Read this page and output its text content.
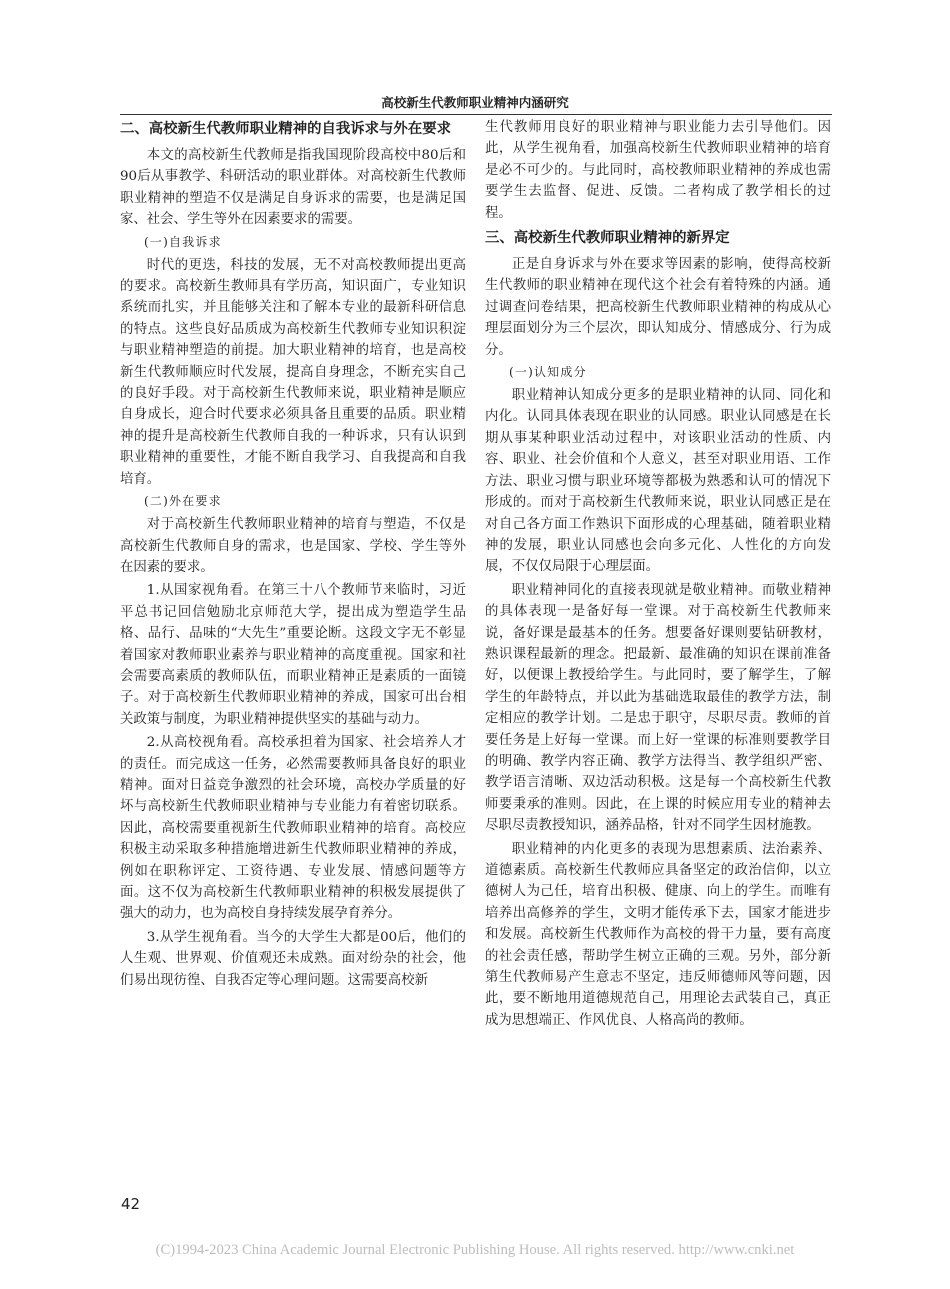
高校新生代教师职业精神内涵研究
二、高校新生代教师职业精神的自我诉求与外在要求

本文的高校新生代教师是指我国现阶段高校中80后和90后从事教学、科研活动的职业群体。对高校新生代教师职业精神的塑造不仅是满足自身诉求的需要，也是满足国家、社会、学生等外在因素要求的需要。

(一)自我诉求

时代的更迭，科技的发展，无不对高校教师提出更高的要求。高校新生教师具有学历高，知识面广，专业知识系统而扎实，并且能够关注和了解本专业的最新科研信息的特点。这些良好品质成为高校新生代教师专业知识积淀与职业精神塑造的前提。加大职业精神的培育，也是高校新生代教师顺应时代发展，提高自身理念，不断充实自己的良好手段。对于高校新生代教师来说，职业精神是顺应自身成长，迎合时代要求必须具备且重要的品质。职业精神的提升是高校新生代教师自我的一种诉求，只有认识到职业精神的重要性，才能不断自我学习、自我提高和自我培育。

(二)外在要求

对于高校新生代教师职业精神的培育与塑造，不仅是高校新生代教师自身的需求，也是国家、学校、学生等外在因素的要求。

1.从国家视角看。在第三十八个教师节来临时，习近平总书记回信勉励北京师范大学，提出成为塑造学生品格、品行、品味的“大先生”重要论断。这段文字无不彰显着国家对教师职业素养与职业精神的高度重视。国家和社会需要高素质的教师队伍，而职业精神正是素质的一面镜子。对于高校新生代教师职业精神的养成，国家可出台相关政策与制度，为职业精神提供坚实的基础与动力。

2.从高校视角看。高校承担着为国家、社会培养人才的责任。而完成这一任务，必然需要教师具备良好的职业精神。面对日益竞争激烈的社会环境，高校办学质量的好坏与高校新生代教师职业精神与专业能力有着密切联系。因此，高校需要重视新生代教师职业精神的培育。高校应积极主动采取多种措施增进新生代教师职业精神的养成，例如在职称评定、工资待遇、专业发展、情感问题等方面。这不仅为高校新生代教师职业精神的积极发展提供了强大的动力，也为高校自身持续发展孕育养分。

3.从学生视角看。当今的大学生大都是00后，他们的人生观、世界观、价值观还未成熟。面对纷杂的社会，他们易出现彷徨、自我否定等心理问题。这需要高校新

生代教师用良好的职业精神与职业能力去引导他们。因此，从学生视角看，加强高校新生代教师职业精神的培育是必不可少的。与此同时，高校教师职业精神的养成也需要学生去监督、促进、反馈。二者构成了教学相长的过程。

三、高校新生代教师职业精神的新界定

正是自身诉求与外在要求等因素的影响，使得高校新生代教师的职业精神在现代这个社会有着特殊的内涵。通过调查问卷结果，把高校新生代教师职业精神的构成从心理层面划分为三个层次，即认知成分、情感成分、行为成分。

(一)认知成分

职业精神认知成分更多的是职业精神的认同、同化和内化。认同具体表现在职业的认同感。职业认同感是在长期从事某种职业活动过程中，对该职业活动的性质、内容、职业、社会价值和个人意义，甚至对职业用语、工作方法、职业习惯与职业环境等都极为熟悉和认可的情况下形成的。而对于高校新生代教师来说，职业认同感正是在对自己各方面工作熟识下面形成的心理基础，随着职业精神的发展，职业认同感也会向多元化、人性化的方向发展，不仅仅局限于心理层面。

职业精神同化的直接表现就是敬业精神。而敬业精神的具体表现一是备好每一堂课。对于高校新生代教师来说，备好课是最基本的任务。想要备好课则要钻研教材，熟识课程最新的理念。把最新、最准确的知识在课前准备好，以便课上教授给学生。与此同时，要了解学生，了解学生的年龄特点，并以此为基础选取最佳的教学方法，制定相应的教学计划。二是忠于职守，尽职尽责。教师的首要任务是上好每一堂课。而上好一堂课的标准则要教学目的明确、教学内容正确、教学方法得当、教学组织严密、教学语言清晰、双边活动积极。这是每一个高校新生代教师要秉承的准则。因此，在上课的时候应用专业的精神去尽职尽责教授知识，涵养品格，针对不同学生因材施教。

职业精神的内化更多的表现为思想素质、法治素养、道德素质。高校新生代教师应具备坚定的政治信仰，以立德树人为己任，培育出积极、健康、向上的学生。而唯有培养出高修养的学生，文明才能传承下去，国家才能进步和发展。高校新生代教师作为高校的骨干力量，要有高度的社会责任感，帮助学生树立正确的三观。另外，部分新第生代教师易产生意志不坚定，违反师德师风等问题，因此，要不断地用道德规范自己，用理论去武装自己，真正成为思想端正、作风优良、人格高尚的教师。

42
(C)1994-2023 China Academic Journal Electronic Publishing House. All rights reserved. http://www.cnki.net
